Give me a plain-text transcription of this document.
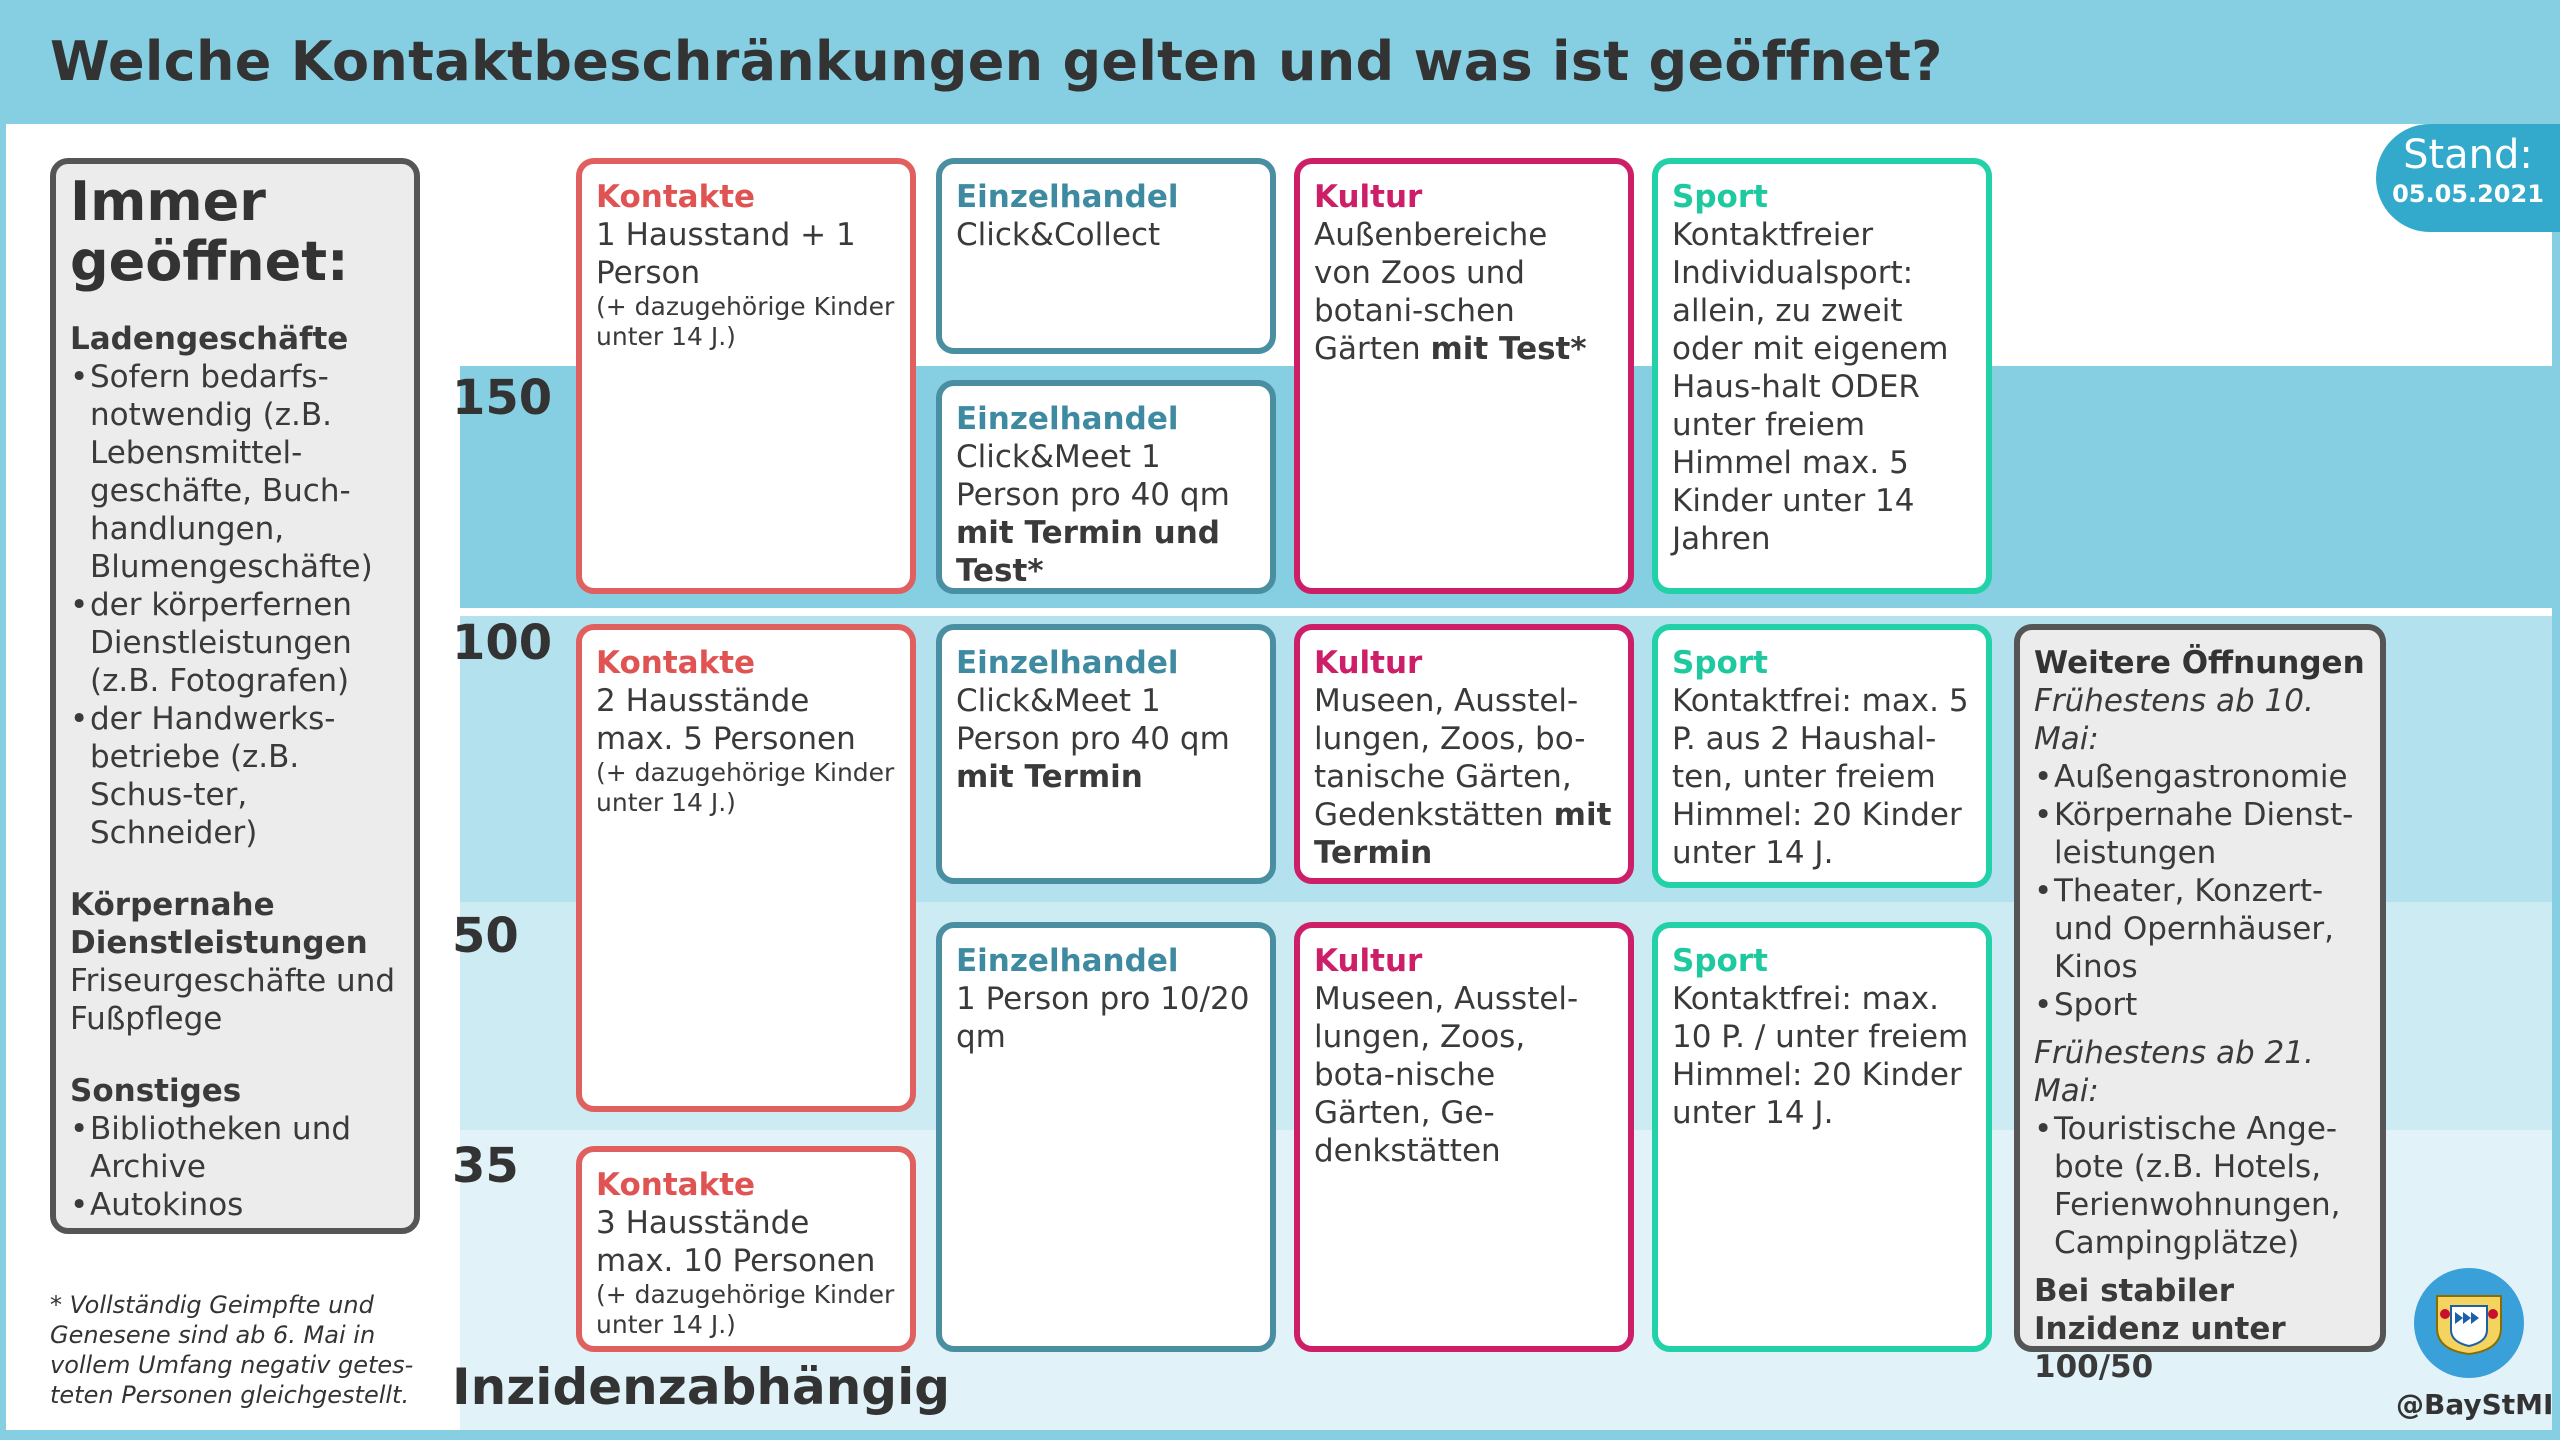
Welche Kontaktbeschränkungen gelten und was ist geöffnet?
150
100
50
35
Stand:
05.05.2021
Immer
geöffnet:
Ladengeschäfte
• Sofern bedarfs-notwendig (z.B. Lebensmittel-geschäfte, Buch-handlungen, Blumengeschäfte)
• der körperfernen Dienstleistungen (z.B. Fotografen)
• der Handwerks-betriebe (z.B. Schus-ter, Schneider)
Körpernahe Dienstleistungen
Friseurgeschäfte und Fußpflege
Sonstiges
• Bibliotheken und Archive
• Autokinos
* Vollständig Geimpfte und Genesene sind ab 6. Mai in vollem Umfang negativ getes-teten Personen gleichgestellt. Inzidenzabhängig
Kontakte
1 Hausstand + 1 Person
(+ dazugehörige Kinder unter 14 J.)
Kontakte
2 Hausstände max. 5 Personen
(+ dazugehörige Kinder unter 14 J.)
Kontakte
3 Hausstände max. 10 Personen
(+ dazugehörige Kinder unter 14 J.)
Einzelhandel
Click&Collect
Einzelhandel
Click&Meet 1 Person pro 40 qm mit Termin und Test*
Einzelhandel
Click&Meet 1 Person pro 40 qm mit Termin
Einzelhandel
1 Person pro 10/20 qm
Kultur
Außenbereiche von Zoos und botani-schen Gärten mit Test*
Kultur
Museen, Ausstel-lungen, Zoos, bo-tanische Gärten, Gedenkstätten mit Termin
Kultur
Museen, Ausstel-lungen, Zoos, bota-nische Gärten, Ge-denkstätten
Sport
Kontaktfreier Individualsport: allein, zu zweit oder mit eigenem Haus-halt ODER unter freiem Himmel max. 5 Kinder unter 14 Jahren
Sport
Kontaktfrei: max. 5 P. aus 2 Haushal-ten, unter freiem Himmel: 20 Kinder unter 14 J.
Sport
Kontaktfrei: max. 10 P. / unter freiem Himmel: 20 Kinder unter 14 J.
Weitere Öffnungen
Frühestens ab 10. Mai:
• Außengastronomie
• Körpernahe Dienst-leistungen
• Theater, Konzert- und Opernhäuser, Kinos
• Sport
Frühestens ab 21. Mai:
• Touristische Ange-bote (z.B. Hotels, Ferienwohnungen, Campingplätze)
Bei stabiler Inzidenz unter 100/50
@BayStMI
